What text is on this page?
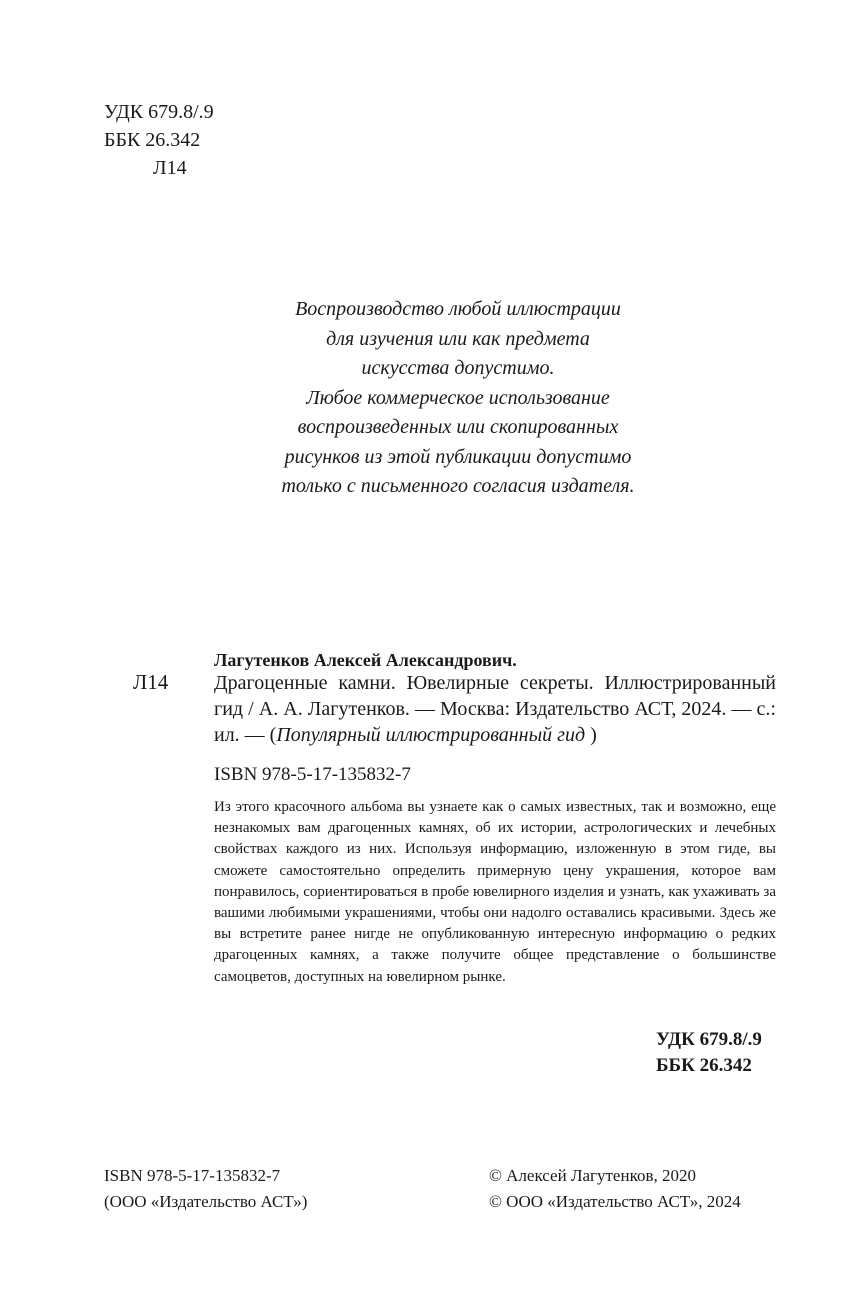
УДК 679.8/.9
ББК 26.342
Л14
Воспроизводство любой иллюстрации
для изучения или как предмета
искусства допустимо.
Любое коммерческое использование
воспроизведенных или скопированных
рисунков из этой публикации допустимо
только с письменного согласия издателя.
Лагутенков Алексей Александрович.
Л14 Драгоценные камни. Ювелирные секреты. Иллюстрированный гид / А. А. Лагутенков. — Москва: Издательство АСТ, 2024. — с.: ил. — (Популярный иллюстрированный гид )
ISBN 978-5-17-135832-7
Из этого красочного альбома вы узнаете как о самых известных, так и возможно, еще незнакомых вам драгоценных камнях, об их истории, астрологических и лечебных свойствах каждого из них. Используя информацию, изложенную в этом гиде, вы сможете самостоятельно определить примерную цену украшения, которое вам понравилось, сориентироваться в пробе ювелирного изделия и узнать, как ухаживать за вашими любимыми украшениями, чтобы они надолго оставались красивыми. Здесь же вы встретите ранее нигде не опубликованную интересную информацию о редких драгоценных камнях, а также получите общее представление о большинстве самоцветов, доступных на ювелирном рынке.
УДК 679.8/.9
ББК 26.342
ISBN 978-5-17-135832-7
(ООО «Издательство АСТ»)
© Алексей Лагутенков, 2020
© ООО «Издательство АСТ», 2024
